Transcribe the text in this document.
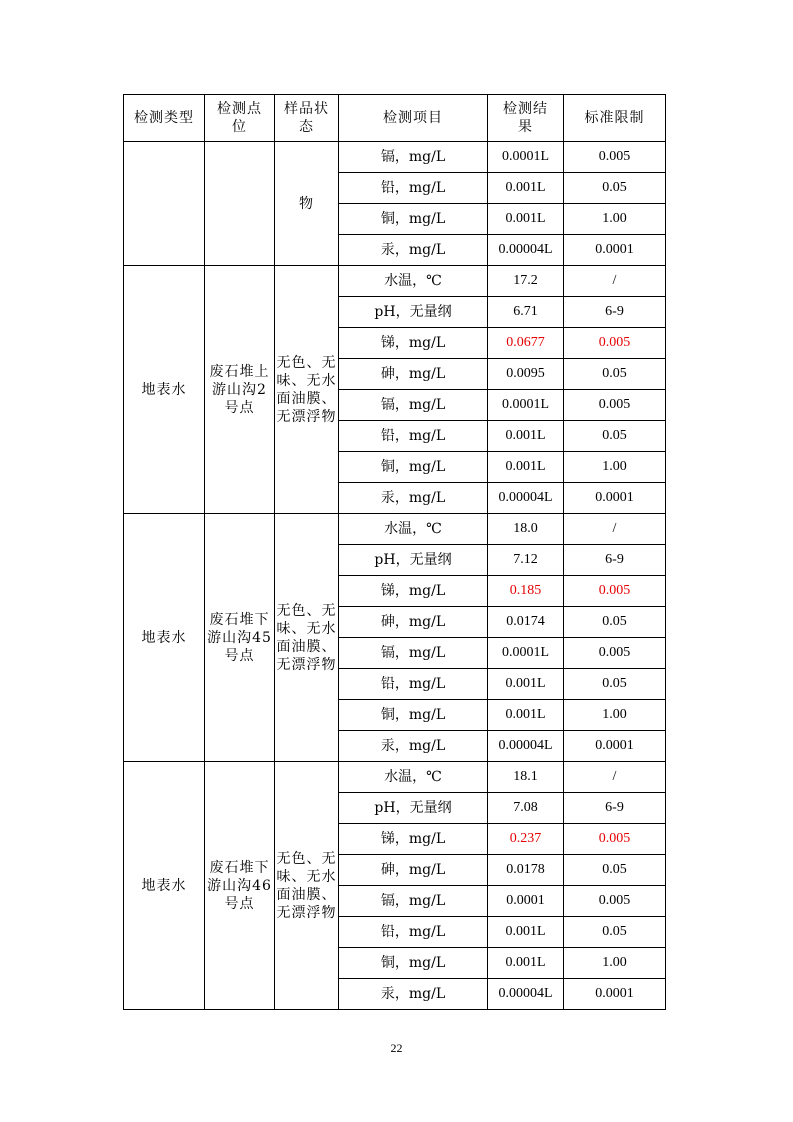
检测类型	检测点位	样品状态	检测项目	检测结果	标准限制
		物	镉，mg/L	0.0001L	0.005
			铅，mg/L	0.001L	0.05
			铜，mg/L	0.001L	1.00
			汞，mg/L	0.00004L	0.0001
地表水	废石堆上游山沟2号点	无色、无味、无水面油膜、无漂浮物	水温，℃	17.2	/
			pH，无量纲	6.71	6-9
			锑，mg/L	0.0677	0.005
			砷，mg/L	0.0095	0.05
			镉，mg/L	0.0001L	0.005
			铅，mg/L	0.001L	0.05
			铜，mg/L	0.001L	1.00
			汞，mg/L	0.00004L	0.0001
地表水	废石堆下游山沟45号点	无色、无味、无水面油膜、无漂浮物	水温，℃	18.0	/
			pH，无量纲	7.12	6-9
			锑，mg/L	0.185	0.005
			砷，mg/L	0.0174	0.05
			镉，mg/L	0.0001L	0.005
			铅，mg/L	0.001L	0.05
			铜，mg/L	0.001L	1.00
			汞，mg/L	0.00004L	0.0001
地表水	废石堆下游山沟46号点	无色、无味、无水面油膜、无漂浮物	水温，℃	18.1	/
			pH，无量纲	7.08	6-9
			锑，mg/L	0.237	0.005
			砷，mg/L	0.0178	0.05
			镉，mg/L	0.0001	0.005
			铅，mg/L	0.001L	0.05
			铜，mg/L	0.001L	1.00
			汞，mg/L	0.00004L	0.0001
22
